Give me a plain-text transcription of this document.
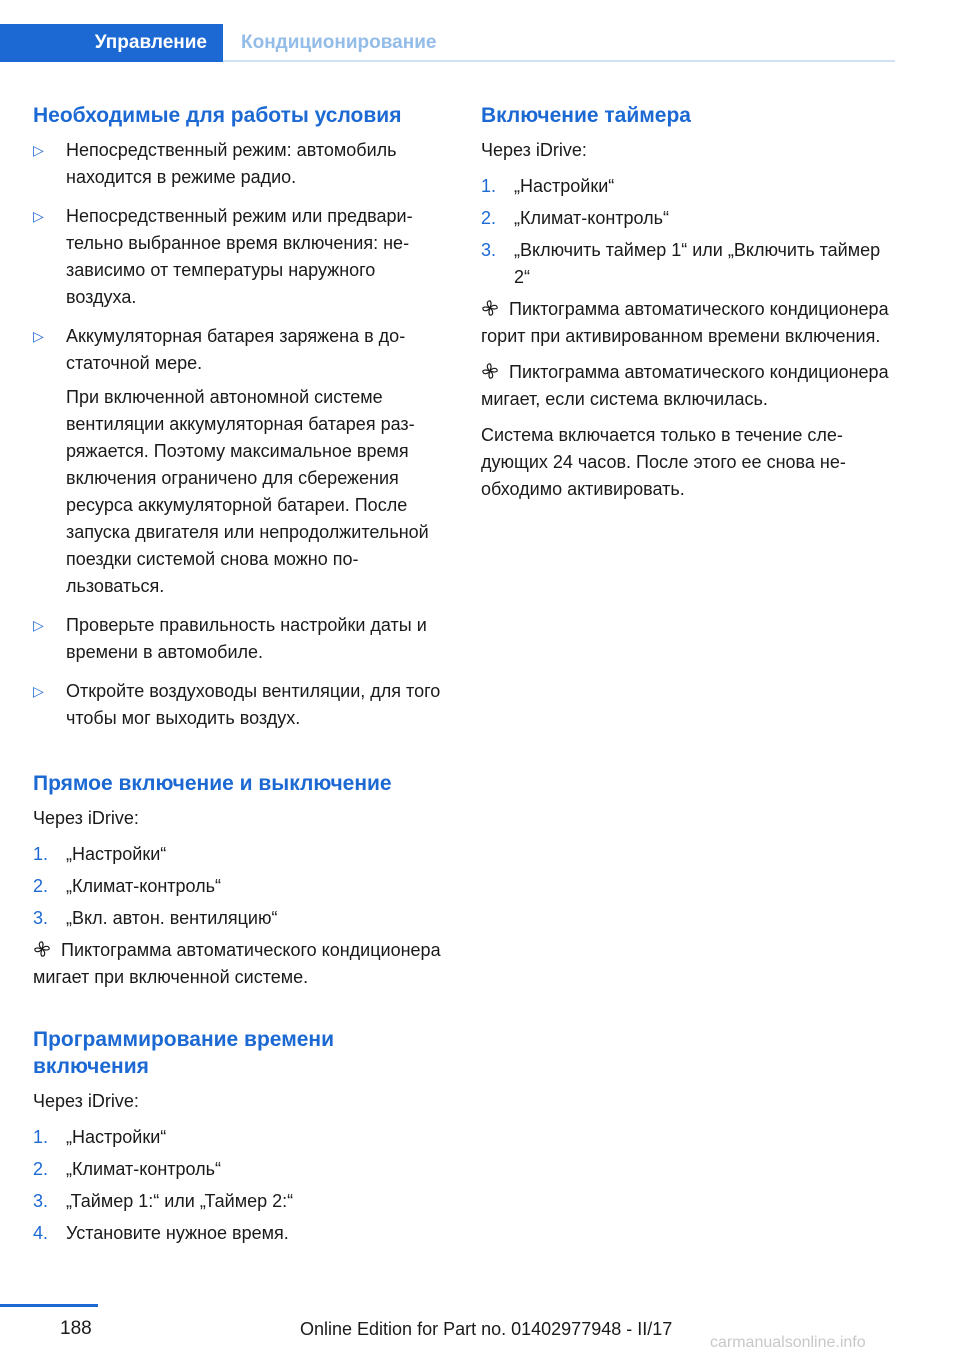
Управление Кондиционирование
Необходимые для работы условия
▷ Непосредственный режим: автомобиль находится в режиме радио.
▷ Непосредственный режим или предварительно выбранное время включения: независимо от температуры наружного воздуха.
▷ Аккумуляторная батарея заряжена в достаточной мере.
При включенной автономной системе вентиляции аккумуляторная батарея разряжается. Поэтому максимальное время включения ограничено для сбережения ресурса аккумуляторной батареи. После запуска двигателя или непродолжительной поездки системой снова можно пользоваться.
▷ Проверьте правильность настройки даты и времени в автомобиле.
▷ Откройте воздуховоды вентиляции, для того чтобы мог выходить воздух.
Прямое включение и выключение

Через iDrive:

1. „Настройки“
2. „Климат-контроль“
3. „Вкл. автон. вентиляцию“

Пиктограмма автоматического кондиционера мигает при включенной системе.

Программирование времени включения

Через iDrive:

1. „Настройки“
2. „Климат-контроль“
3. „Таймер 1:“ или „Таймер 2:“
4. Установите нужное время.
Включение таймера

Через iDrive:

1. „Настройки“
2. „Климат-контроль“
3. „Включить таймер 1“ или „Включить таймер 2“

Пиктограмма автоматического кондиционера горит при активированном времени включения.

Пиктограмма автоматического кондиционера мигает, если система включилась.

Система включается только в течение следующих 24 часов. После этого ее снова необходимо активировать.

188	Online Edition for Part no. 01402977948 - II/17
carmanualsonline.info
